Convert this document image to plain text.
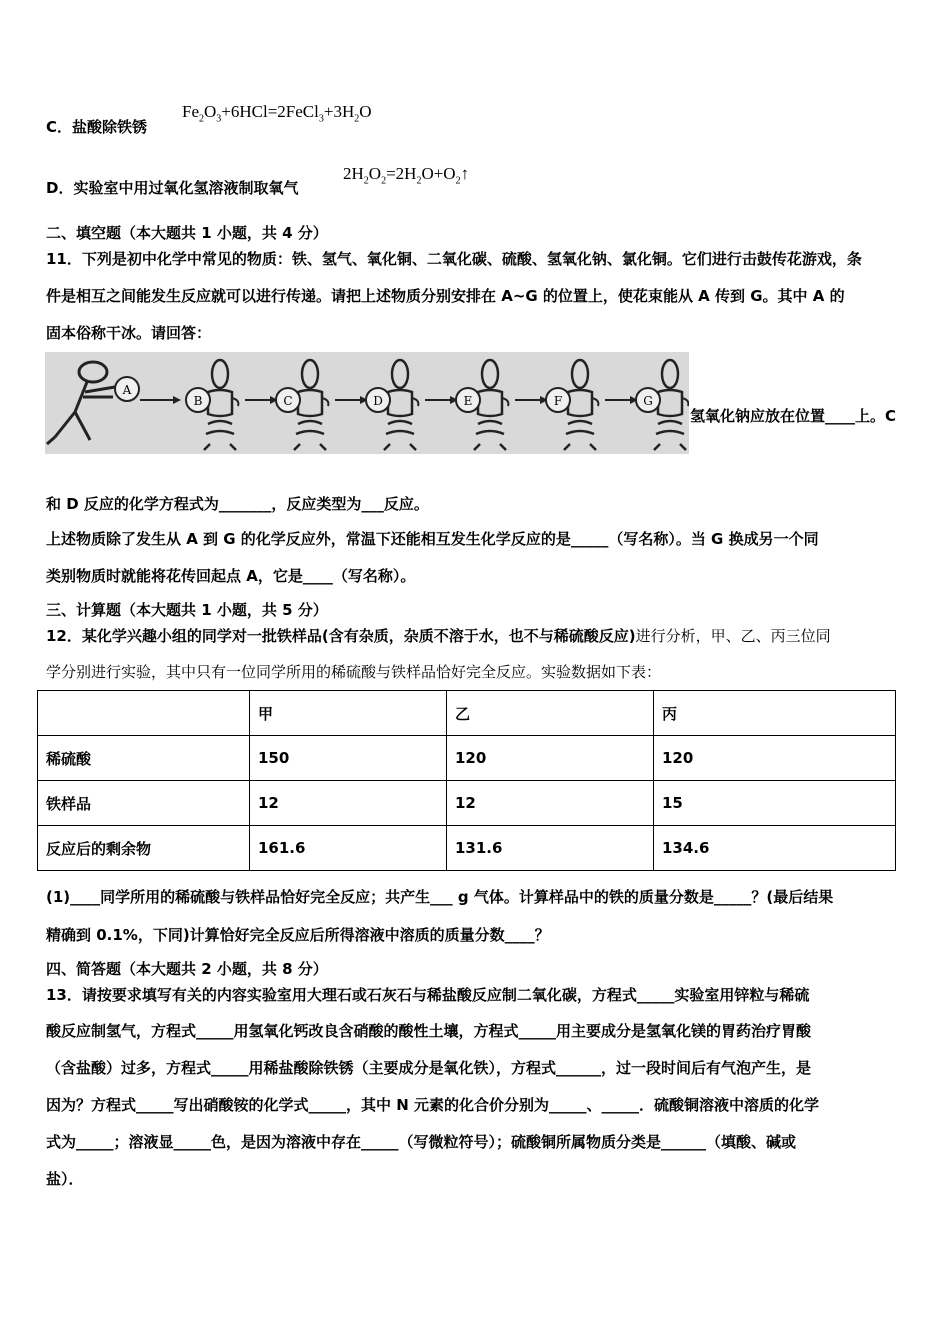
C．盐酸除铁锈
$Fe_2O_3+6HCl=2FeCl_3+3H_2O$
D．实验室中用过氧化氢溶液制取氧气
$2H_2O_2=2H_2O+O_2↑$
二、填空题（本大题共 1 小题，共 4 分）
11．下列是初中化学中常见的物质：铁、氢气、氧化铜、二氧化碳、硫酸、氢氧化钠、氯化铜。它们进行击鼓传花游戏，条
件是相互之间能发生反应就可以进行传递。请把上述物质分别安排在 A~G 的位置上，使花束能从 A 传到 G。其中 A 的
固本俗称干冰。请回答：
A
B	C	D	E	F	G
氢氧化钠应放在位置____上。C
和 D 反应的化学方程式为_______，反应类型为___反应。
上述物质除了发生从 A 到 G 的化学反应外，常温下还能相互发生化学反应的是_____（写名称）。当 G 换成另一个同
类别物质时就能将花传回起点 A，它是____（写名称）。
三、计算题（本大题共 1 小题，共 5 分）
12．某化学兴趣小组的同学对一批铁样品(含有杂质，杂质不溶于水，也不与稀硫酸反应)进行分析，甲、乙、丙三位同
学分别进行实验，其中只有一位同学所用的稀硫酸与铁样品恰好完全反应。实验数据如下表：
	甲	乙	丙
稀硫酸	150	120	120
铁样品	12	12	15
反应后的剩余物	161.6	131.6	134.6
(1)____同学所用的稀硫酸与铁样品恰好完全反应；共产生___ g 气体。计算样品中的铁的质量分数是_____？(最后结果
精确到 0.1%，下同)计算恰好完全反应后所得溶液中溶质的质量分数____？
四、简答题（本大题共 2 小题，共 8 分）
13．请按要求填写有关的内容实验室用大理石或石灰石与稀盐酸反应制二氧化碳，方程式_____实验室用锌粒与稀硫
酸反应制氢气，方程式_____用氢氧化钙改良含硝酸的酸性土壤，方程式_____用主要成分是氢氧化镁的胃药治疗胃酸
（含盐酸）过多，方程式_____用稀盐酸除铁锈（主要成分是氧化铁），方程式______，过一段时间后有气泡产生，是
因为？方程式_____写出硝酸铵的化学式_____，其中 N 元素的化合价分别为_____、_____．硫酸铜溶液中溶质的化学
式为_____；溶液显_____色，是因为溶液中存在_____（写微粒符号）；硫酸铜所属物质分类是______（填酸、碱或
盐）．
